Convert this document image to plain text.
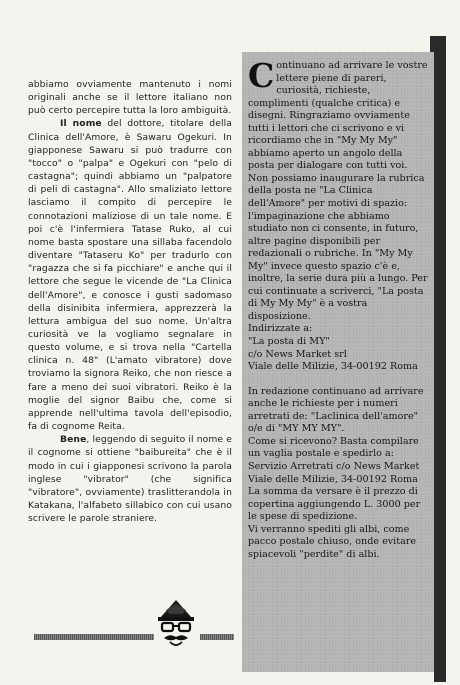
abbiamo ovviamente mantenuto i nomi originali anche se il lettore italiano non può certo percepire tutta la loro ambiguità.

Il nome del dottore, titolare della Clinica dell'Amore, è Sawaru Ogekuri. In giapponese Sawaru si può tradurre con "tocco" o "palpa" e Ogekuri con "pelo di castagna"; quindi abbiamo un "palpatore di peli di castagna". Allo smaliziato lettore lasciamo il compito di percepire le connotazioni maliziose di un tale nome. E poi c'è l'infermiera Tatase Ruko, al cui nome basta spostare una sillaba facendolo diventare "Tataseru Ko" per tradurlo con "ragazza che si fa picchiare" e anche qui il lettore che segue le vicende de "La Clinica dell'Amore", e conosce i gusti sadomaso della disinibita infermiera, apprezzerà la lettura ambigua del suo nome. Un'altra curiosità ve la vogliamo segnalare in questo volume, e si trova nella "Cartella clinica n. 48" (L'amato vibratore) dove troviamo la signora Reiko, che non riesce a fare a meno dei suoi vibratori. Reiko è la moglie del signor Baibu che, come si apprende nell'ultima tavola dell'episodio, fa di cognome Reita.

Bene, leggendo di seguito il nome e il cognome si ottiene "baibureita" che è il modo in cui i giapponesi scrivono la parola inglese "vibrator" (che significa "vibratore", ovviamente) traslitterandola in Katakana, l'alfabeto sillabico con cui usano scrivere le parole straniere.

Continuano ad arrivare le vostre lettere piene di pareri, curiosità, richieste, complimenti (qualche critica) e disegni. Ringraziamo ovviamente tutti i lettori che ci scrivono e vi ricordiamo che in "My My My" abbiamo aperto un angolo della posta per dialogare con tutti voi. Non possiamo inaugurare la rubrica della posta ne "La Clinica dell'Amore" per motivi di spazio: l'impaginazione che abbiamo studiato non ci consente, in futuro, altre pagine disponibili per redazionali o rubriche. In "My My My" invece questo spazio c'è e, inoltre, la serie dura più a lungo. Per cui continuate a scriverci, "La posta di My My My" è a vostra disposizione.

Indirizzate a:

"La posta di MY"

c/o News Market srl

Viale delle Milizie, 34-00192 Roma

In redazione continuano ad arrivare anche le richieste per i numeri arretrati de: "Laclinica dell'amore" o/e di "MY MY MY".

Come si ricevono? Basta compilare un vaglia postale e spedirlo a: Servizio Arretrati c/o News Market Viale delle Milizie, 34-00192 Roma La somma da versare è il prezzo di copertina aggiungendo L. 3000 per le spese di spedizione.

Vi verranno spediti gli albi, come pacco postale chiuso, onde evitare spiacevoli "perdite" di albi.
